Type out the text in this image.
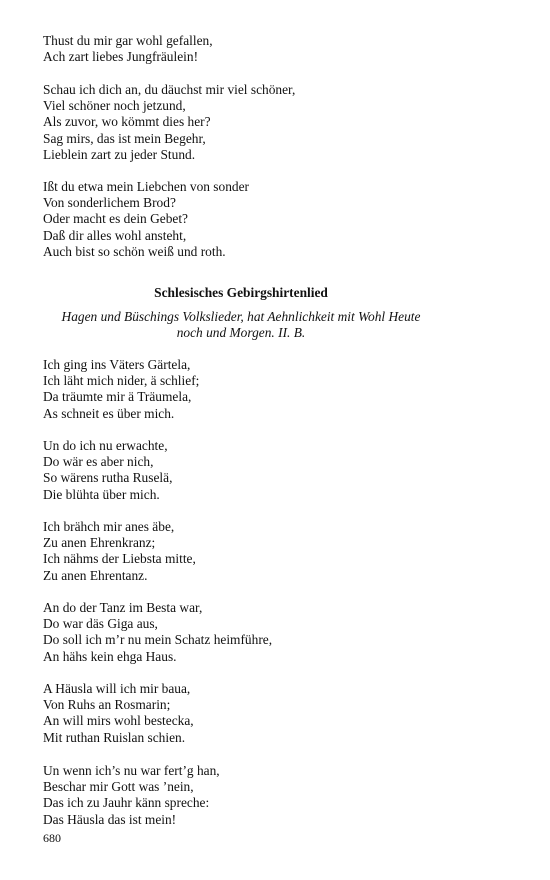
Thust du mir gar wohl gefallen,
Ach zart liebes Jungfräulein!
Schau ich dich an, du däuchst mir viel schöner,
Viel schöner noch jetzund,
Als zuvor, wo kömmt dies her?
Sag mirs, das ist mein Begehr,
Lieblein zart zu jeder Stund.
Ißt du etwa mein Liebchen von sonder
Von sonderlichem Brod?
Oder macht es dein Gebet?
Daß dir alles wohl ansteht,
Auch bist so schön weiß und roth.
Schlesisches Gebirgshirtenlied
Hagen und Büschings Volkslieder, hat Aehnlichkeit mit Wohl Heute
noch und Morgen. II. B.
Ich ging ins Väters Gärtela,
Ich läht mich nider, ä schlief;
Da träumte mir ä Träumela,
As schneit es über mich.
Un do ich nu erwachte,
Do wär es aber nich,
So wärens rutha Ruselä,
Die blühta über mich.
Ich brähch mir anes äbe,
Zu anen Ehrenkranz;
Ich nähms der Liebsta mitte,
Zu anen Ehrentanz.
An do der Tanz im Besta war,
Do war däs Giga aus,
Do soll ich m’r nu mein Schatz heimführe,
An hähs kein ehga Haus.
A Häusla will ich mir baua,
Von Ruhs an Rosmarin;
An will mirs wohl bestecka,
Mit ruthan Ruislan schien.
Un wenn ich’s nu war fert’g han,
Beschar mir Gott was ’nein,
Das ich zu Jauhr känn spreche:
Das Häusla das ist mein!
680
